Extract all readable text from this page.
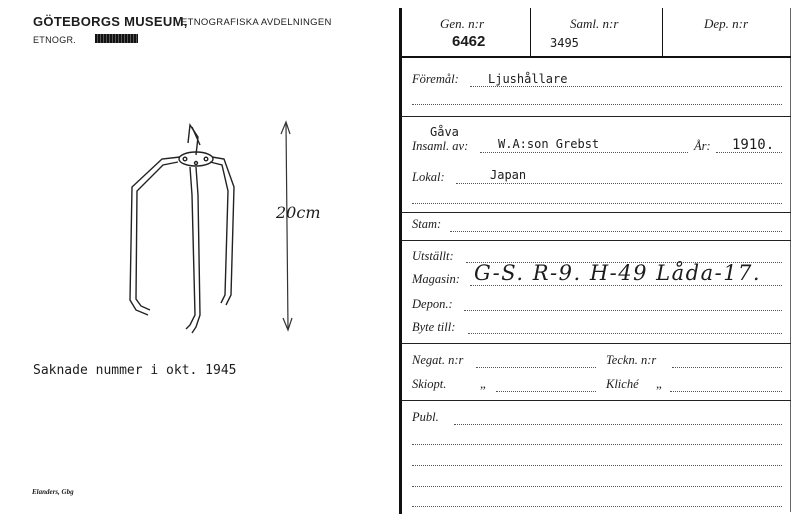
GÖTEBORGS MUSEUM,
ETNOGRAFISKA AVDELNINGEN
ETNOGR.
20cm
Saknade nummer i okt. 1945
Elanders, Gbg
Gen. n:r
6462
Saml. n:r
3495
Dep. n:r
Föremål: Ljushållare
Gåva
Insaml. av: W.A:son Grebst	År: 1910.
Lokal:	Japan
Stam:
Utställt:
Magasin: G-S. R-9. H-49 Låda-17.
Depon.:
Byte till:
Negat. n:r	Teckn. n:r
Skiopt.	„	Kliché „
Publ.
